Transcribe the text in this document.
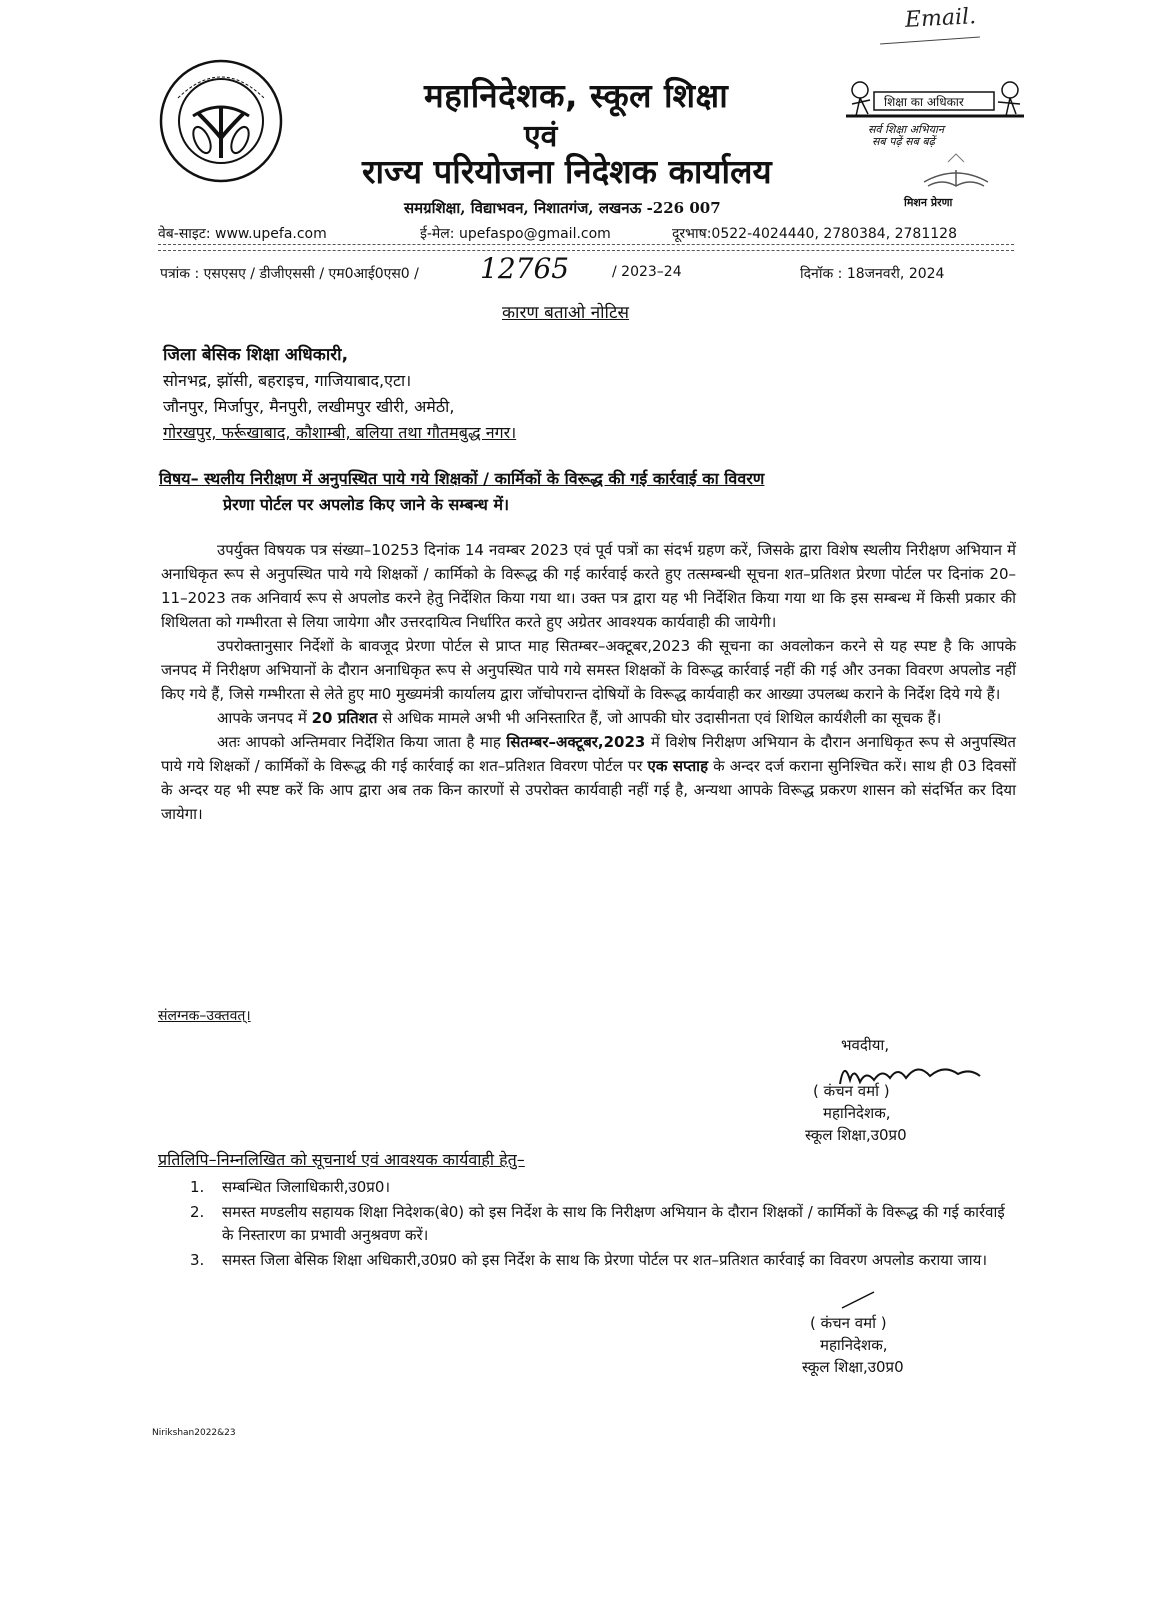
Email.
महानिदेशक, स्कूल शिक्षा
एवं
राज्य परियोजना निदेशक कार्यालय
समग्रशिक्षा, विद्याभवन, निशातगंज, लखनऊ -226 007
शिक्षा का अधिकार
सर्व शिक्षा अभियान
सब पढ़ें सब बढ़ें
मिशन प्रेरणा
वेब-साइट: www.upefa.com	ई-मेल: upefaspo@gmail.com	दूरभाष:0522-4024440, 2780384, 2781128
पत्रांक : एसएसए / डीजीएससी / एम0आई0एस0 / 12765	/ 2023–24	दिनॉक : 18जनवरी, 2024
कारण बताओ नोटिस
जिला बेसिक शिक्षा अधिकारी,
सोनभद्र, झॉसी, बहराइच, गाजियाबाद,एटा।
जौनपुर, मिर्जापुर, मैनपुरी, लखीमपुर खीरी, अमेठी,
गोरखपुर, फर्रूखाबाद, कौशाम्बी, बलिया तथा गौतमबुद्ध नगर।
विषय– स्थलीय निरीक्षण में अनुपस्थित पाये गये शिक्षकों / कार्मिकों के विरूद्ध की गई कार्रवाई का विवरण
प्रेरणा पोर्टल पर अपलोड किए जाने के सम्बन्ध में।

उपर्युक्त विषयक पत्र संख्या–10253 दिनांक 14 नवम्बर 2023 एवं पूर्व पत्रों का संदर्भ ग्रहण करें, जिसके द्वारा विशेष स्थलीय निरीक्षण अभियान में अनाधिकृत रूप से अनुपस्थित पाये गये शिक्षकों / कार्मिको के विरूद्ध की गई कार्रवाई करते हुए तत्सम्बन्धी सूचना शत–प्रतिशत प्रेरणा पोर्टल पर दिनांक 20–11–2023 तक अनिवार्य रूप से अपलोड करने हेतु निर्देशित किया गया था। उक्त पत्र द्वारा यह भी निर्देशित किया गया था कि इस सम्बन्ध में किसी प्रकार की शिथिलता को गम्भीरता से लिया जायेगा और उत्तरदायित्व निर्धारित करते हुए अग्रेतर आवश्यक कार्यवाही की जायेगी।

उपरोक्तानुसार निर्देशों के बावजूद प्रेरणा पोर्टल से प्राप्त माह सितम्बर–अक्टूबर,2023 की सूचना का अवलोकन करने से यह स्पष्ट है कि आपके जनपद में निरीक्षण अभियानों के दौरान अनाधिकृत रूप से अनुपस्थित पाये गये समस्त शिक्षकों के विरूद्ध कार्रवाई नहीं की गई और उनका विवरण अपलोड नहीं किए गये हैं, जिसे गम्भीरता से लेते हुए मा0 मुख्यमंत्री कार्यालय द्वारा जॉचोपरान्त दोषियों के विरूद्ध कार्यवाही कर आख्या उपलब्ध कराने के निर्देश दिये गये हैं।

आपके जनपद में 20 प्रतिशत से अधिक मामले अभी भी अनिस्तारित हैं, जो आपकी घोर उदासीनता एवं शिथिल कार्यशैली का सूचक हैं।

अतः आपको अन्तिमवार निर्देशित किया जाता है माह सितम्बर–अक्टूबर,2023 में विशेष निरीक्षण अभियान के दौरान अनाधिकृत रूप से अनुपस्थित पाये गये शिक्षकों / कार्मिकों के विरूद्ध की गई कार्रवाई का शत–प्रतिशत विवरण पोर्टल पर एक सप्ताह के अन्दर दर्ज कराना सुनिश्चित करें। साथ ही 03 दिवसों के अन्दर यह भी स्पष्ट करें कि आप द्वारा अब तक किन कारणों से उपरोक्त कार्यवाही नहीं गई है, अन्यथा आपके विरूद्ध प्रकरण शासन को संदर्भित कर दिया जायेगा।

संलग्नक–उक्तवत्।
भवदीया,
( कंचन वर्मा )
महानिदेशक,
स्कूल शिक्षा,उ0प्र0
प्रतिलिपि–निम्नलिखित को सूचनार्थ एवं आवश्यक कार्यवाही हेतु–
1. सम्बन्धित जिलाधिकारी,उ0प्र0।
2. समस्त मण्डलीय सहायक शिक्षा निदेशक(बे0) को इस निर्देश के साथ कि निरीक्षण अभियान के दौरान शिक्षकों / कार्मिकों के विरूद्ध की गई कार्रवाई के निस्तारण का प्रभावी अनुश्रवण करें।
3. समस्त जिला बेसिक शिक्षा अधिकारी,उ0प्र0 को इस निर्देश के साथ कि प्रेरणा पोर्टल पर शत–प्रतिशत कार्रवाई का विवरण अपलोड कराया जाय।
( कंचन वर्मा )
महानिदेशक,
स्कूल शिक्षा,उ0प्र0
Nirikshan2022&23
